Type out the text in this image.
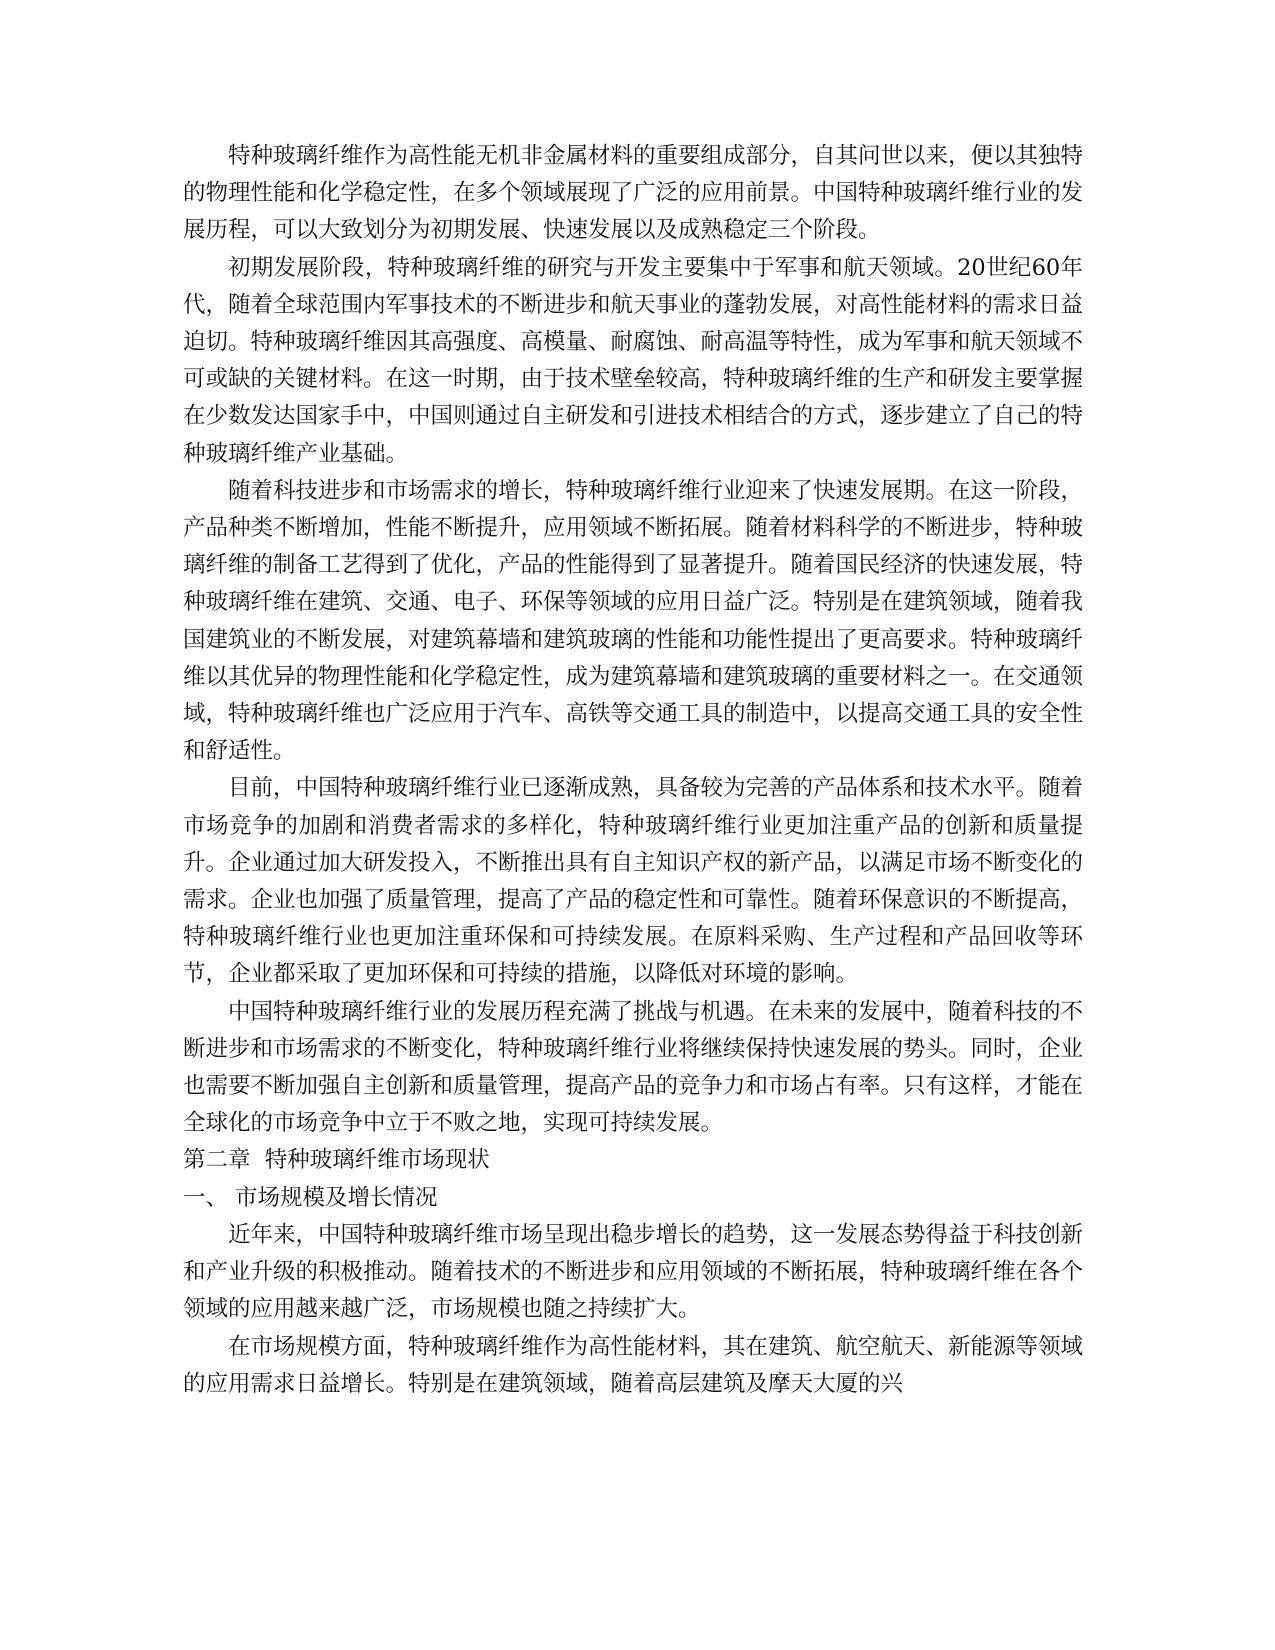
特种玻璃纤维作为高性能无机非金属材料的重要组成部分，自其问世以来，便以其独特的物理性能和化学稳定性，在多个领域展现了广泛的应用前景。中国特种玻璃纤维行业的发展历程，可以大致划分为初期发展、快速发展以及成熟稳定三个阶段。

初期发展阶段，特种玻璃纤维的研究与开发主要集中于军事和航天领域。20世纪60年代，随着全球范围内军事技术的不断进步和航天事业的蓬勃发展，对高性能材料的需求日益迫切。特种玻璃纤维因其高强度、高模量、耐腐蚀、耐高温等特性，成为军事和航天领域不可或缺的关键材料。在这一时期，由于技术壁垒较高，特种玻璃纤维的生产和研发主要掌握在少数发达国家手中，中国则通过自主研发和引进技术相结合的方式，逐步建立了自己的特种玻璃纤维产业基础。

随着科技进步和市场需求的增长，特种玻璃纤维行业迎来了快速发展期。在这一阶段，产品种类不断增加，性能不断提升，应用领域不断拓展。随着材料科学的不断进步，特种玻璃纤维的制备工艺得到了优化，产品的性能得到了显著提升。随着国民经济的快速发展，特种玻璃纤维在建筑、交通、电子、环保等领域的应用日益广泛。特别是在建筑领域，随着我国建筑业的不断发展，对建筑幕墙和建筑玻璃的性能和功能性提出了更高要求。特种玻璃纤维以其优异的物理性能和化学稳定性，成为建筑幕墙和建筑玻璃的重要材料之一。在交通领域，特种玻璃纤维也广泛应用于汽车、高铁等交通工具的制造中，以提高交通工具的安全性和舒适性。

目前，中国特种玻璃纤维行业已逐渐成熟，具备较为完善的产品体系和技术水平。随着市场竞争的加剧和消费者需求的多样化，特种玻璃纤维行业更加注重产品的创新和质量提升。企业通过加大研发投入，不断推出具有自主知识产权的新产品，以满足市场不断变化的需求。企业也加强了质量管理，提高了产品的稳定性和可靠性。随着环保意识的不断提高，特种玻璃纤维行业也更加注重环保和可持续发展。在原料采购、生产过程和产品回收等环节，企业都采取了更加环保和可持续的措施，以降低对环境的影响。

中国特种玻璃纤维行业的发展历程充满了挑战与机遇。在未来的发展中，随着科技的不断进步和市场需求的不断变化，特种玻璃纤维行业将继续保持快速发展的势头。同时，企业也需要不断加强自主创新和质量管理，提高产品的竞争力和市场占有率。只有这样，才能在全球化的市场竞争中立于不败之地，实现可持续发展。

第二章  特种玻璃纤维市场现状

一、 市场规模及增长情况

近年来，中国特种玻璃纤维市场呈现出稳步增长的趋势，这一发展态势得益于科技创新和产业升级的积极推动。随着技术的不断进步和应用领域的不断拓展，特种玻璃纤维在各个领域的应用越来越广泛，市场规模也随之持续扩大。

在市场规模方面，特种玻璃纤维作为高性能材料，其在建筑、航空航天、新能源等领域的应用需求日益增长。特别是在建筑领域，随着高层建筑及摩天大厦的兴
